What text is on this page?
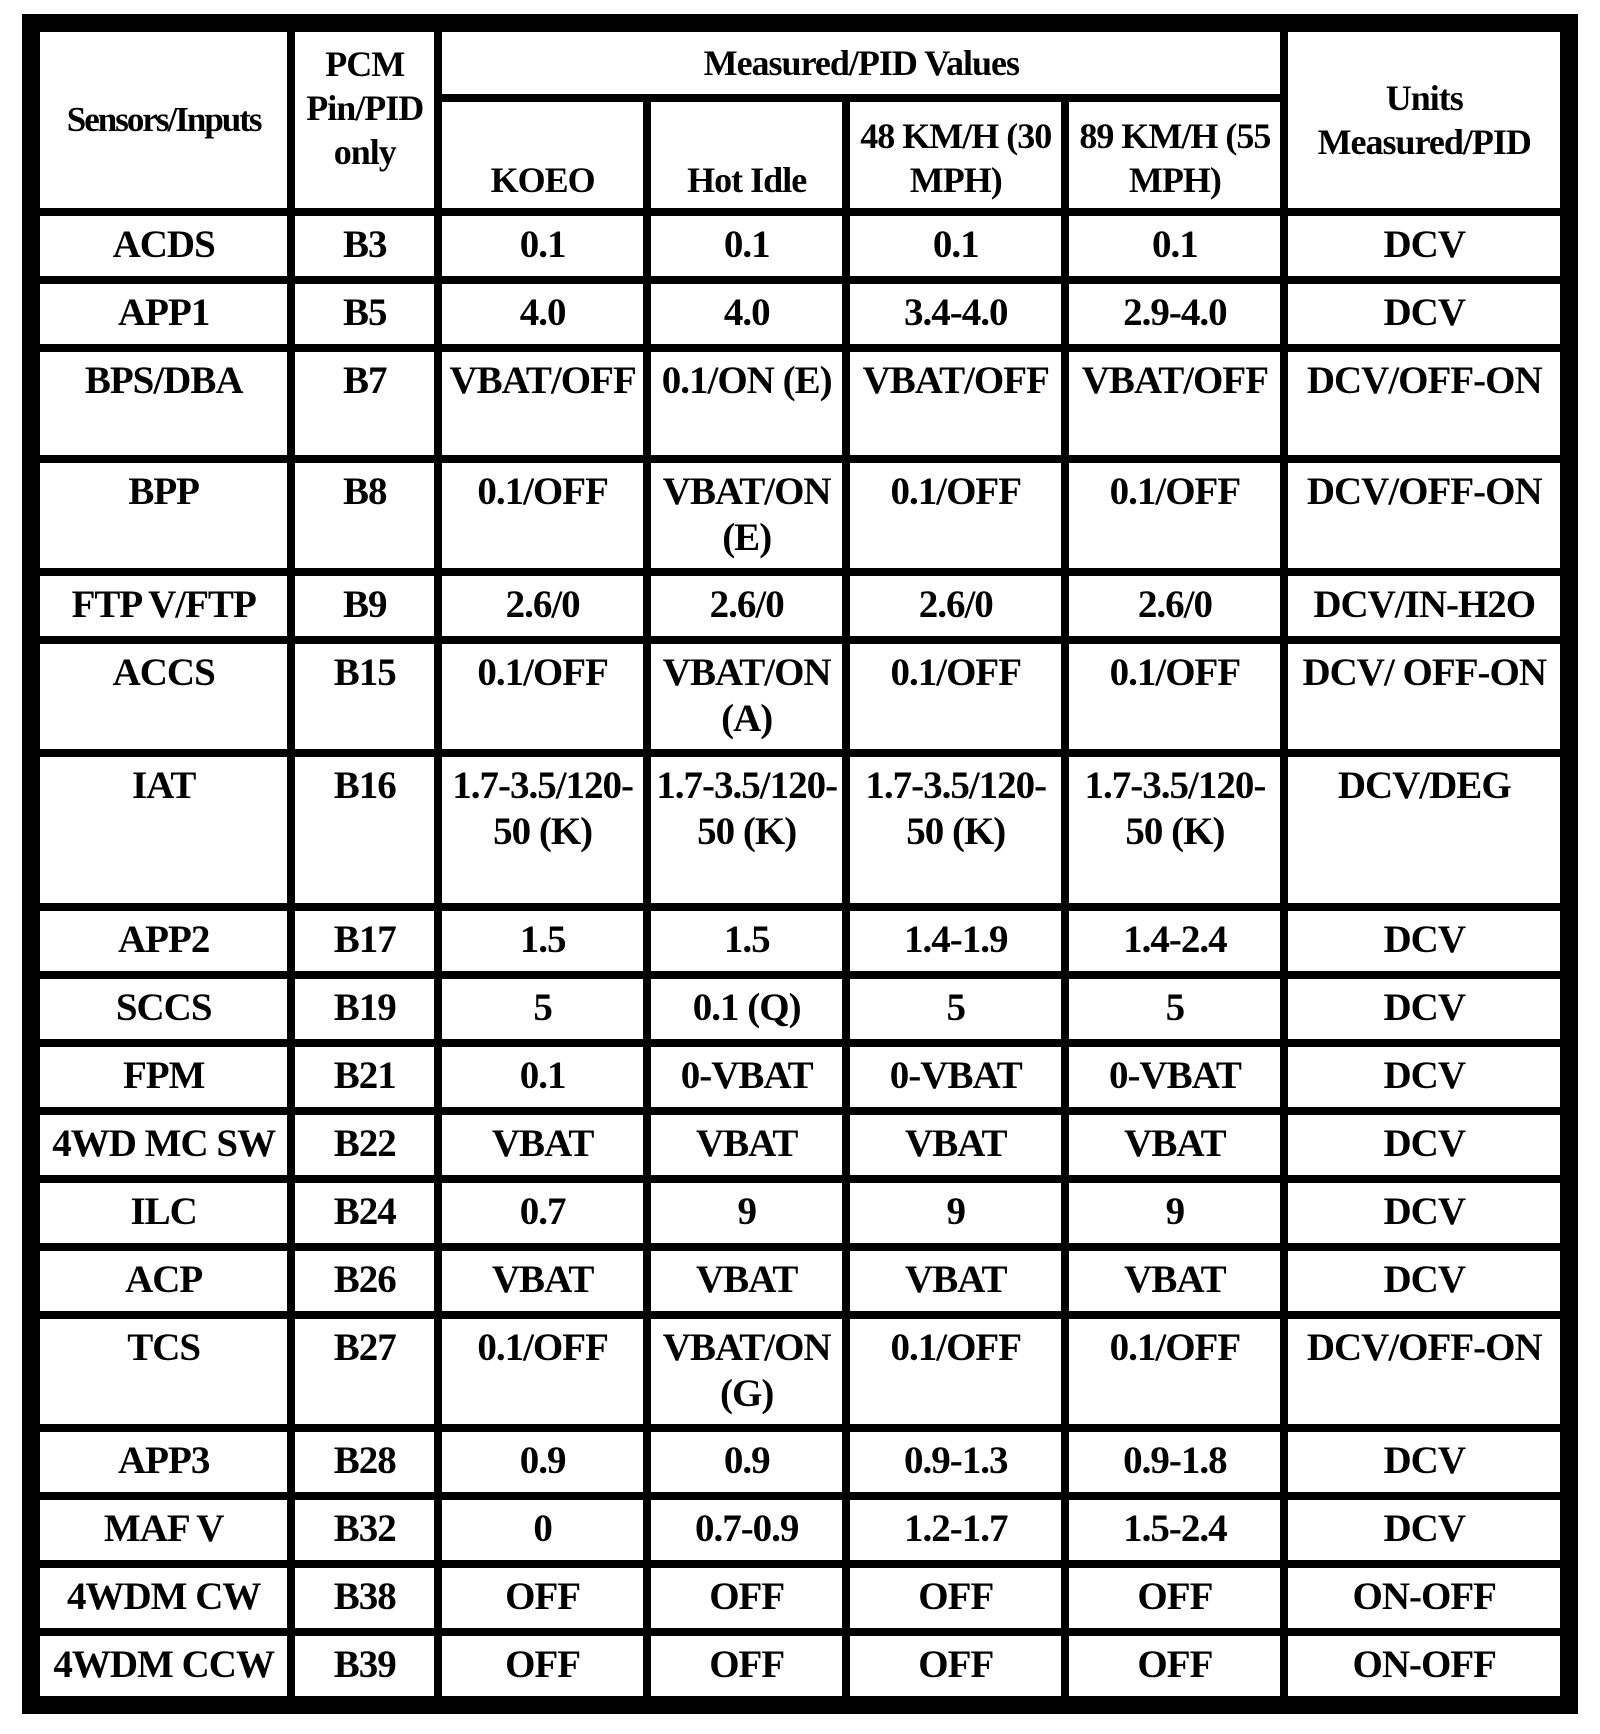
Sensors/Inputs	PCM Pin/PID only	Measured/PID Values				Units Measured/PID
		KOEO	Hot Idle	48 KM/H (30 MPH)	89 KM/H (55 MPH)	
ACDS	B3	0.1	0.1	0.1	0.1	DCV
APP1	B5	4.0	4.0	3.4-4.0	2.9-4.0	DCV
BPS/DBA	B7	VBAT/OFF	0.1/ON (E)	VBAT/OFF	VBAT/OFF	DCV/OFF-ON
BPP	B8	0.1/OFF	VBAT/ON (E)	0.1/OFF	0.1/OFF	DCV/OFF-ON
FTP V/FTP	B9	2.6/0	2.6/0	2.6/0	2.6/0	DCV/IN-H2O
ACCS	B15	0.1/OFF	VBAT/ON (A)	0.1/OFF	0.1/OFF	DCV/ OFF-ON
IAT	B16	1.7-3.5/120-50 (K)	1.7-3.5/120-50 (K)	1.7-3.5/120-50 (K)	1.7-3.5/120-50 (K)	DCV/DEG
APP2	B17	1.5	1.5	1.4-1.9	1.4-2.4	DCV
SCCS	B19	5	0.1 (Q)	5	5	DCV
FPM	B21	0.1	0-VBAT	0-VBAT	0-VBAT	DCV
4WD MC SW	B22	VBAT	VBAT	VBAT	VBAT	DCV
ILC	B24	0.7	9	9	9	DCV
ACP	B26	VBAT	VBAT	VBAT	VBAT	DCV
TCS	B27	0.1/OFF	VBAT/ON (G)	0.1/OFF	0.1/OFF	DCV/OFF-ON
APP3	B28	0.9	0.9	0.9-1.3	0.9-1.8	DCV
MAF V	B32	0	0.7-0.9	1.2-1.7	1.5-2.4	DCV
4WDM CW	B38	OFF	OFF	OFF	OFF	ON-OFF
4WDM CCW	B39	OFF	OFF	OFF	OFF	ON-OFF
